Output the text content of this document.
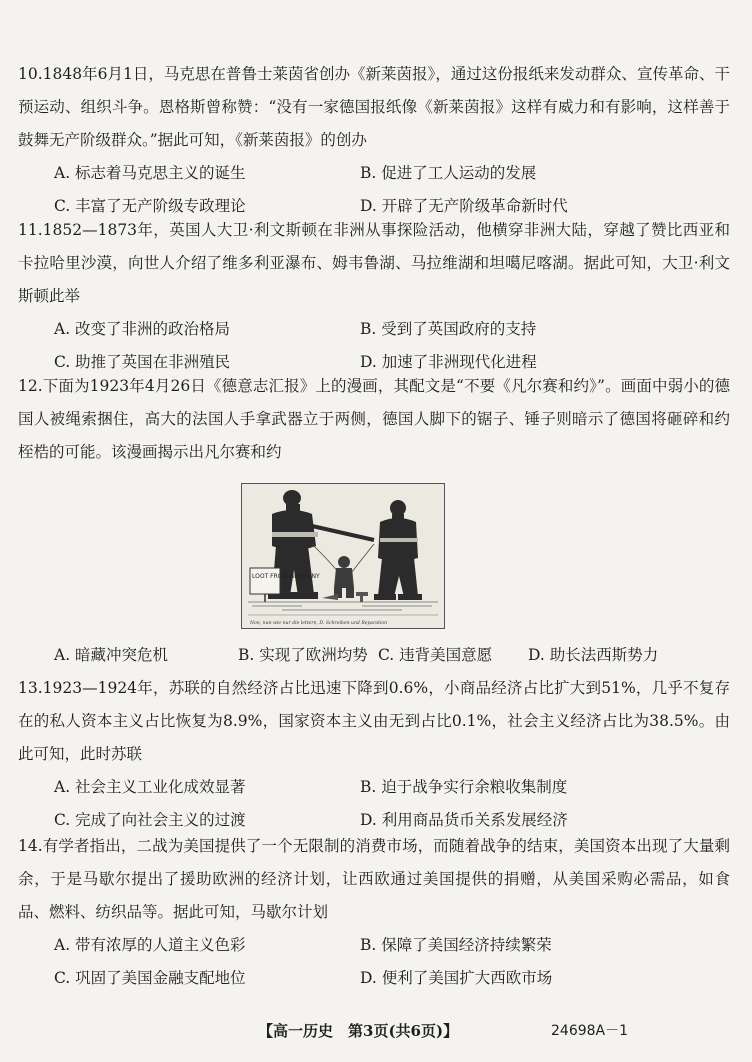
10.1848年6月1日，马克思在普鲁士莱茵省创办《新莱茵报》，通过这份报纸来发动群众、宣传革命、干预运动、组织斗争。恩格斯曾称赞：“没有一家德国报纸像《新莱茵报》这样有威力和有影响，这样善于鼓舞无产阶级群众。”据此可知，《新莱茵报》的创办
A. 标志着马克思主义的诞生	B. 促进了工人运动的发展
C. 丰富了无产阶级专政理论	D. 开辟了无产阶级革命新时代
11.1852—1873年，英国人大卫·利文斯顿在非洲从事探险活动，他横穿非洲大陆，穿越了赞比西亚和卡拉哈里沙漠，向世人介绍了维多利亚瀑布、姆韦鲁湖、马拉维湖和坦噶尼喀湖。据此可知，大卫·利文斯顿此举
A. 改变了非洲的政治格局	B. 受到了英国政府的支持
C. 助推了英国在非洲殖民	D. 加速了非洲现代化进程
12.下面为1923年4月26日《德意志汇报》上的漫画，其配文是“不要《凡尔赛和约》”。画面中弱小的德国人被绳索捆住，高大的法国人手拿武器立于两侧，德国人脚下的锯子、锤子则暗示了德国将砸碎和约桎梏的可能。该漫画揭示出凡尔赛和约
LOOT FROM GERMANY
Non, nun wie nur die lettern, D. Schreiben und Reparation
A. 暗藏冲突危机	B. 实现了欧洲均势 C. 违背美国意愿 D. 助长法西斯势力
13.1923—1924年，苏联的自然经济占比迅速下降到0.6%，小商品经济占比扩大到51%，几乎不复存在的私人资本主义占比恢复为8.9%，国家资本主义由无到占比0.1%，社会主义经济占比为38.5%。由此可知，此时苏联
A. 社会主义工业化成效显著	B. 迫于战争实行余粮收集制度
C. 完成了向社会主义的过渡	D. 利用商品货币关系发展经济
14.有学者指出，二战为美国提供了一个无限制的消费市场，而随着战争的结束，美国资本出现了大量剩余，于是马歇尔提出了援助欧洲的经济计划，让西欧通过美国提供的捐赠，从美国采购必需品，如食品、燃料、纺织品等。据此可知，马歇尔计划
A. 带有浓厚的人道主义色彩	B. 保障了美国经济持续繁荣
C. 巩固了美国金融支配地位	D. 便利了美国扩大西欧市场
【高一历史　第3页(共6页)】	24698A－1
